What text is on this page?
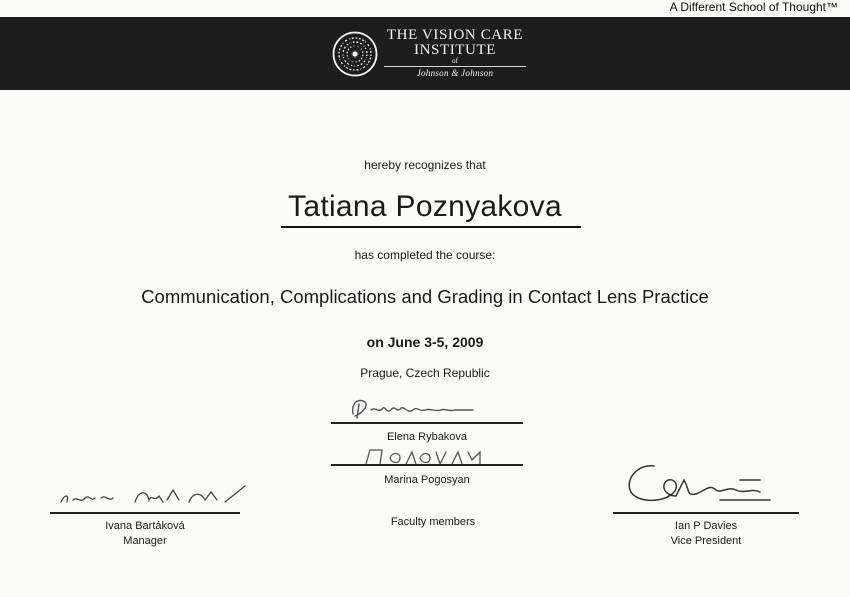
A Different School of Thought™
THE VISION CARE
INSTITUTE
of
Johnson & Johnson
hereby recognizes that
Tatiana Poznyakova
has completed the course:
Communication, Complications and Grading in Contact Lens Practice
on June 3-5, 2009
Prague, Czech Republic
Elena Rybakova
Marina Pogosyan
Faculty members
Ivana Bartáková
Manager
Ian P Davies
Vice President
